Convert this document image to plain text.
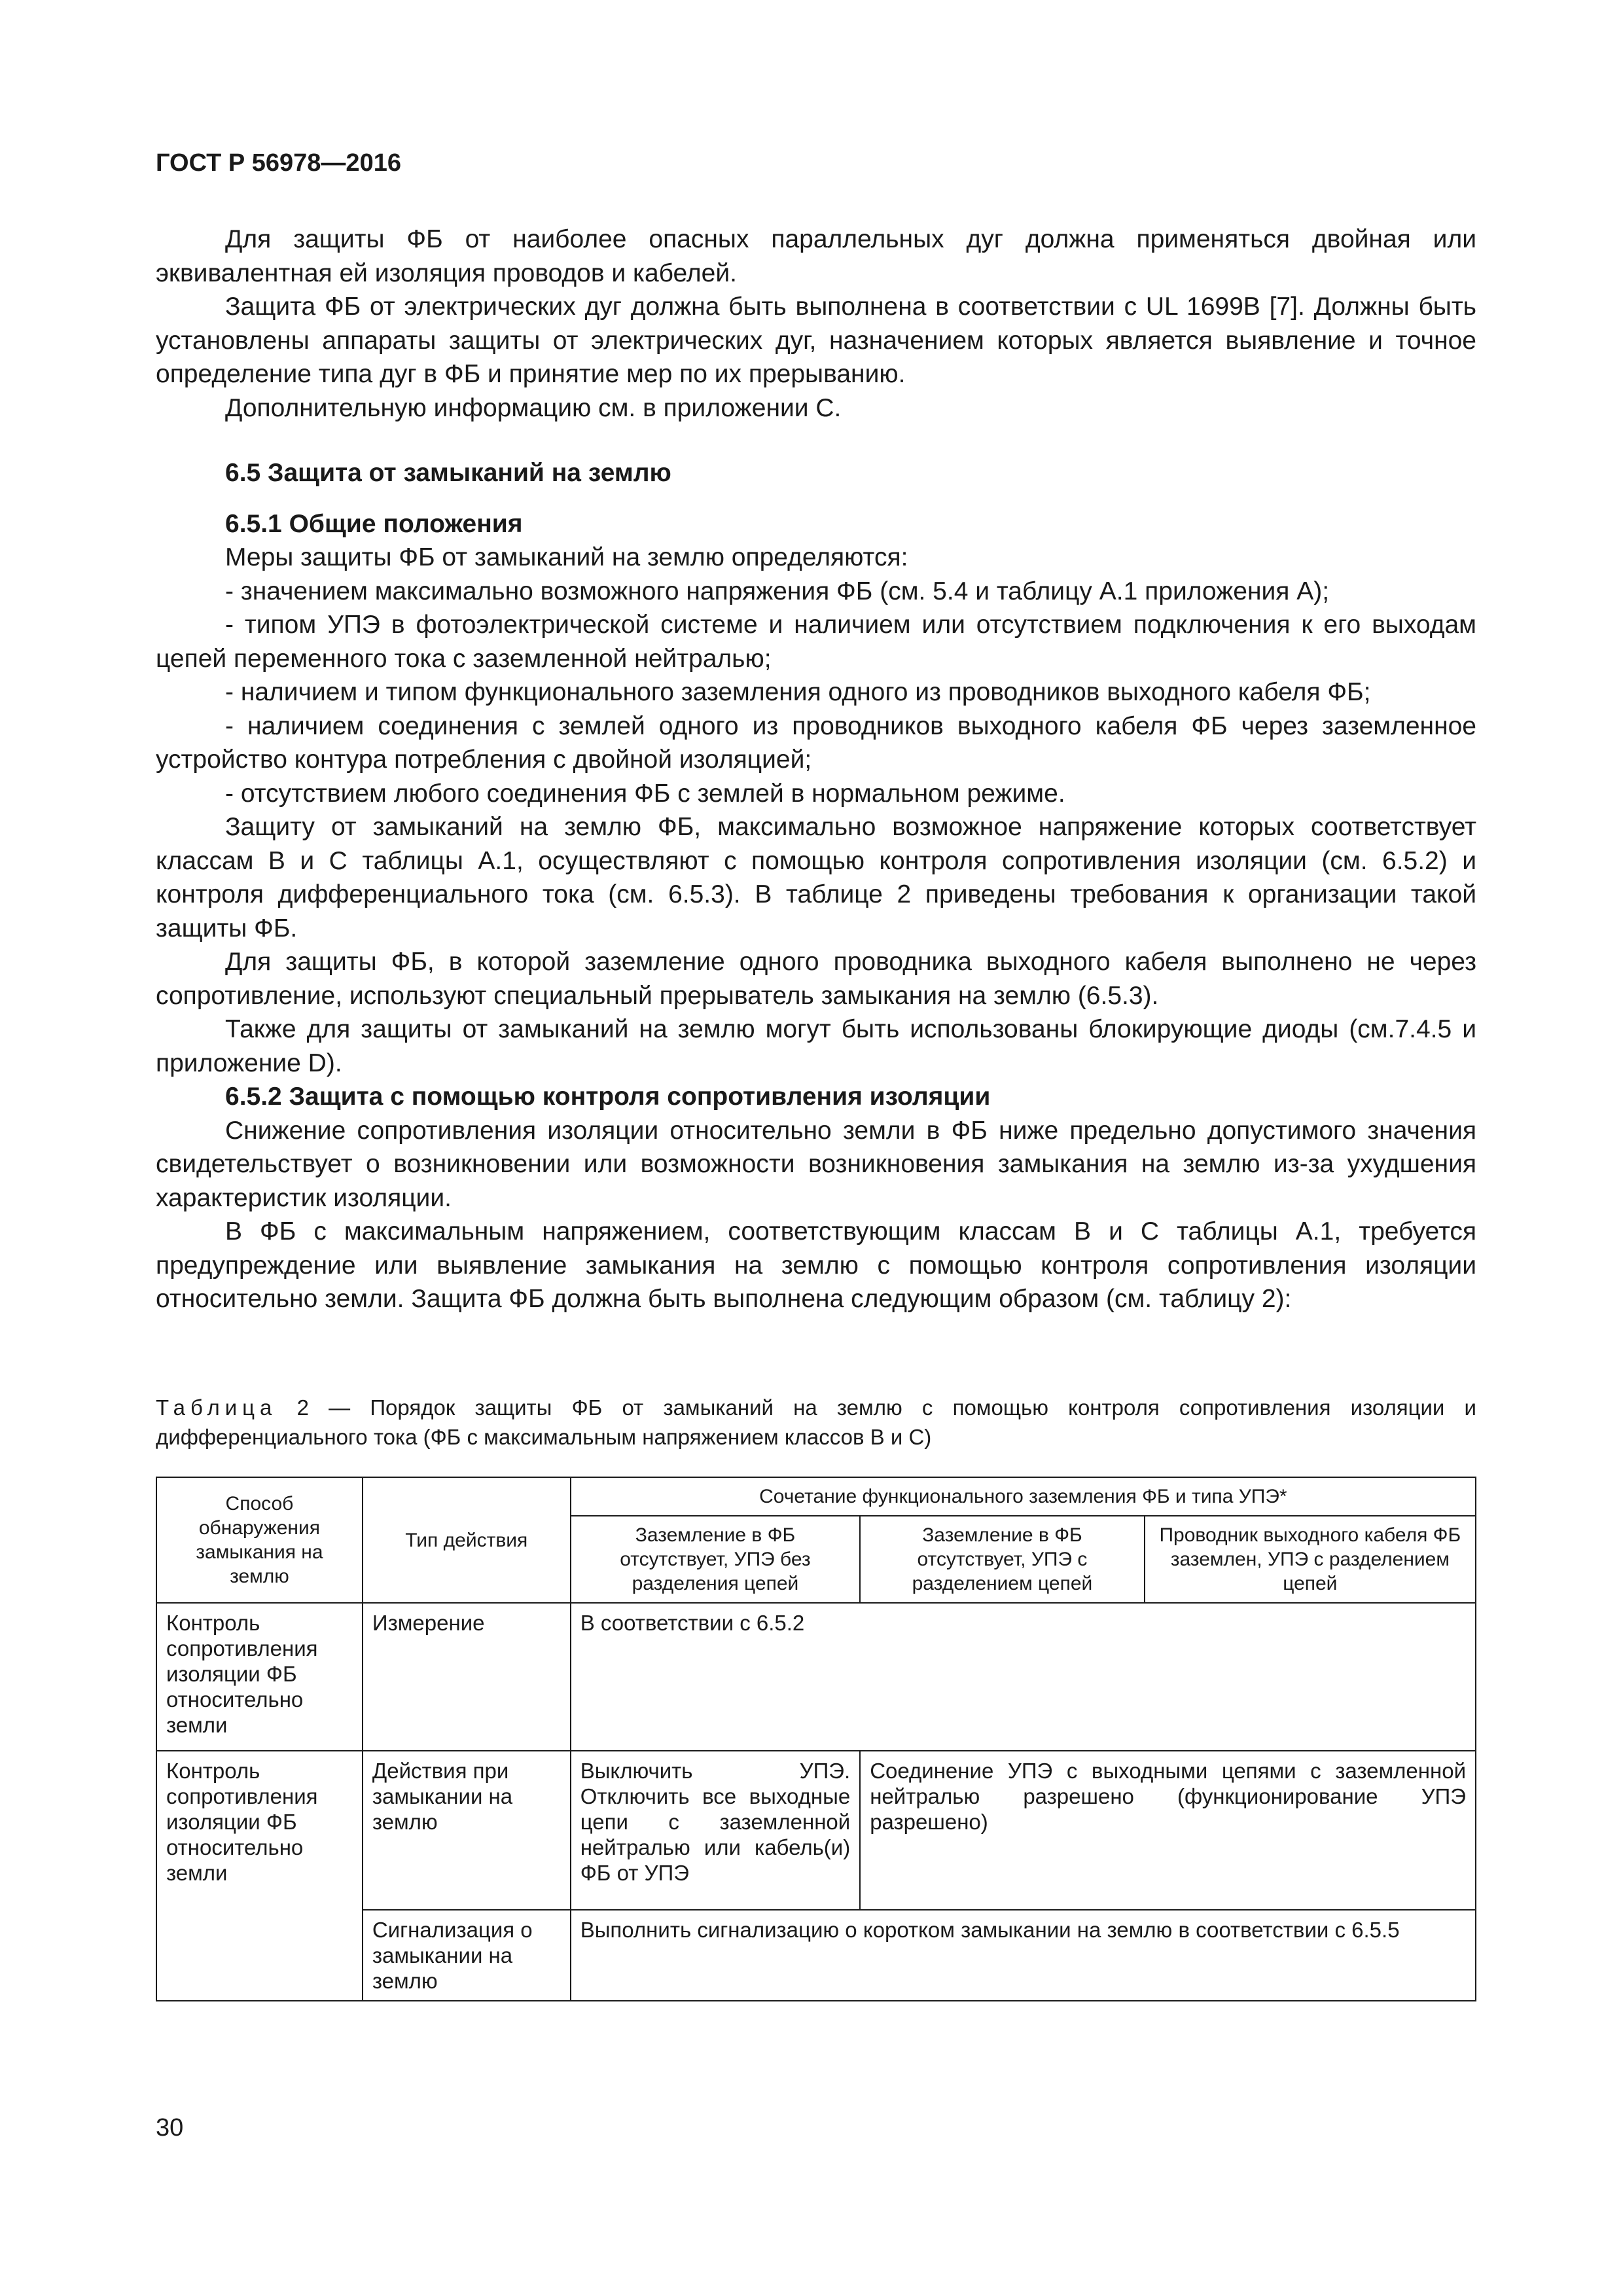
ГОСТ Р 56978—2016

Для защиты ФБ от наиболее опасных параллельных дуг должна применяться двойная или эквивалентная ей изоляция проводов и кабелей.

Защита ФБ от электрических дуг должна быть выполнена в соответствии с UL 1699B [7]. Должны быть установлены аппараты защиты от электрических дуг, назначением которых является выявление и точное определение типа дуг в ФБ и принятие мер по их прерыванию.

Дополнительную информацию см. в приложении С.

6.5 Защита от замыканий на землю

6.5.1 Общие положения

Меры защиты ФБ от замыканий на землю определяются:

- значением максимально возможного напряжения ФБ (см. 5.4 и таблицу А.1 приложения А);

- типом УПЭ в фотоэлектрической системе и наличием или отсутствием подключения к его выходам цепей переменного тока с заземленной нейтралью;

- наличием и типом функционального заземления одного из проводников выходного кабеля ФБ;

- наличием соединения с землей одного из проводников выходного кабеля ФБ через заземленное устройство контура потребления с двойной изоляцией;

- отсутствием любого соединения ФБ с землей в нормальном режиме.

Защиту от замыканий на землю ФБ, максимально возможное напряжение которых соответствует классам В и С таблицы А.1, осуществляют с помощью контроля сопротивления изоляции (см. 6.5.2) и контроля дифференциального тока (см. 6.5.3). В таблице 2 приведены требования к организации такой защиты ФБ.

Для защиты ФБ, в которой заземление одного проводника выходного кабеля выполнено не через сопротивление, используют специальный прерыватель замыкания на землю (6.5.3).

Также для защиты от замыканий на землю могут быть использованы блокирующие диоды (см.7.4.5 и приложение D).

6.5.2 Защита с помощью контроля сопротивления изоляции

Снижение сопротивления изоляции относительно земли в ФБ ниже предельно допустимого значения свидетельствует о возникновении или возможности возникновения замыкания на землю из-за ухудшения характеристик изоляции.

В ФБ с максимальным напряжением, соответствующим классам В и С таблицы А.1, требуется предупреждение или выявление замыкания на землю с помощью контроля сопротивления изоляции относительно земли. Защита ФБ должна быть выполнена следующим образом (см. таблицу 2):

Таблица 2 — Порядок защиты ФБ от замыканий на землю с помощью контроля сопротивления изоляции и дифференциального тока (ФБ с максимальным напряжением классов В и С)
Способ обнаружения замыкания на землю	Тип действия	Сочетание функционального заземления ФБ и типа УПЭ*		
		Заземление в ФБ отсутствует, УПЭ без разделения цепей	Заземление в ФБ отсутствует, УПЭ с разделением цепей	Проводник выходного кабеля ФБ заземлен, УПЭ с разделением цепей
Контроль сопротивления изоляции ФБ относительно земли	Измерение	В соответствии с 6.5.2		
Контроль сопротивления изоляции ФБ относительно земли	Действия при замыкании на землю	Выключить УПЭ. Отключить все выходные цепи с заземленной нейтралью или кабель(и) ФБ от УПЭ	Соединение УПЭ с выходными цепями с заземленной нейтралью разрешено (функционирование УПЭ разрешено)	
	Сигнализация о замыкании на землю	Выполнить сигнализацию о коротком замыкании на землю в соответствии с 6.5.5		
30
